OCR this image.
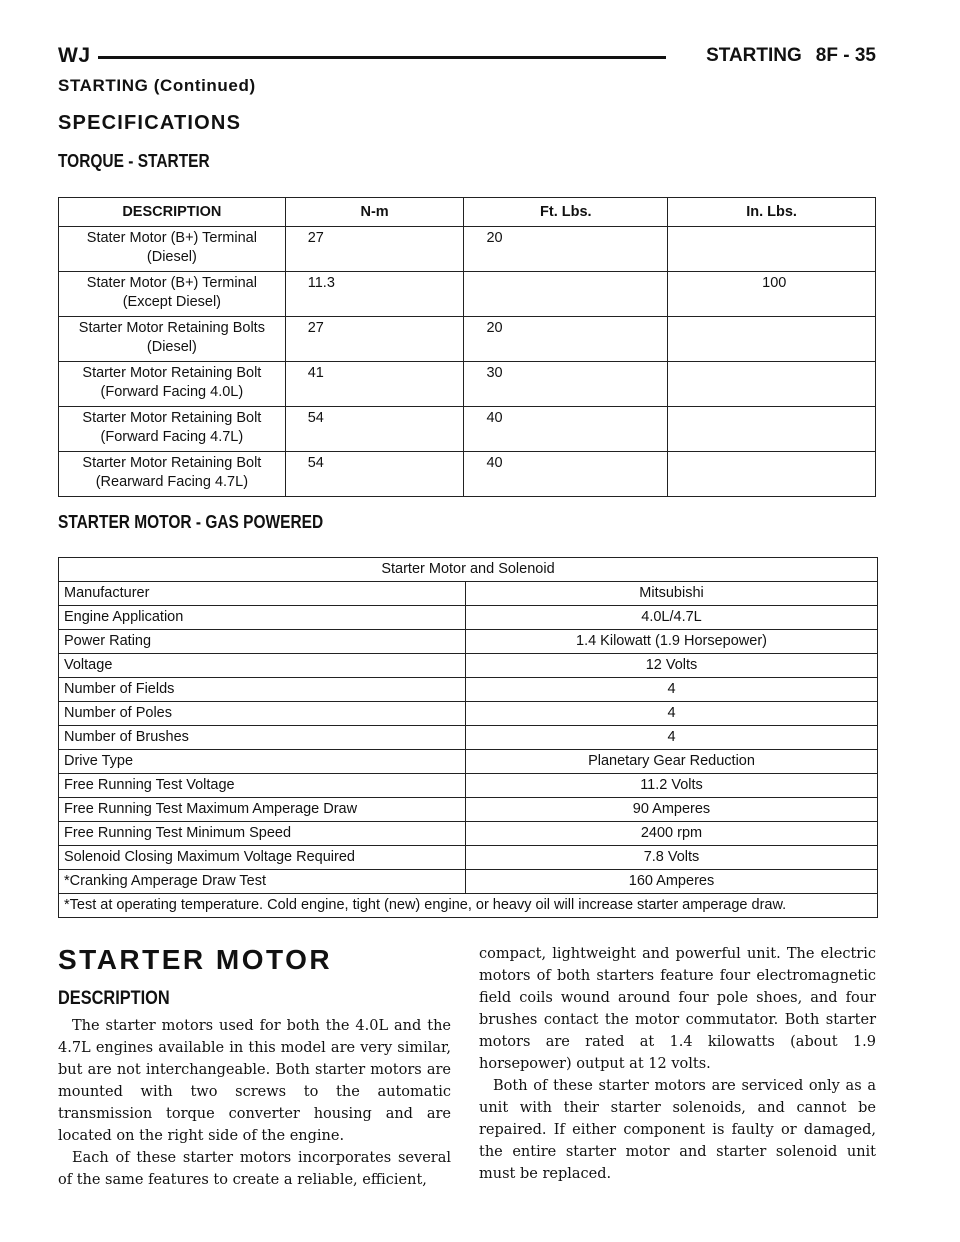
WJ	STARTING 8F - 35
STARTING (Continued)
SPECIFICATIONS
TORQUE - STARTER
DESCRIPTION	N-m	Ft. Lbs.	In. Lbs.
Stater Motor (B+) Terminal
(Diesel)	27	20	
Stater Motor (B+) Terminal
(Except Diesel)	11.3		100
Starter Motor Retaining Bolts
(Diesel)	27	20	
Starter Motor Retaining Bolt
(Forward Facing 4.0L)	41	30	
Starter Motor Retaining Bolt
(Forward Facing 4.7L)	54	40	
Starter Motor Retaining Bolt
(Rearward Facing 4.7L)	54	40	
STARTER MOTOR - GAS POWERED
Starter Motor and Solenoid	
Manufacturer	Mitsubishi
Engine Application	4.0L/4.7L
Power Rating	1.4 Kilowatt (1.9 Horsepower)
Voltage	12 Volts
Number of Fields	4
Number of Poles	4
Number of Brushes	4
Drive Type	Planetary Gear Reduction
Free Running Test Voltage	11.2 Volts
Free Running Test Maximum Amperage Draw	90 Amperes
Free Running Test Minimum Speed	2400 rpm
Solenoid Closing Maximum Voltage Required	7.8 Volts
*Cranking Amperage Draw Test	160 Amperes
*Test at operating temperature. Cold engine, tight (new) engine, or heavy oil will increase starter amperage draw.	
STARTER MOTOR
DESCRIPTION

The starter motors used for both the 4.0L and the 4.7L engines available in this model are very similar, but are not interchangeable. Both starter motors are mounted with two screws to the automatic transmission torque converter housing and are located on the right side of the engine.

Each of these starter motors incorporates several of the same features to create a reliable, efficient,

compact, lightweight and powerful unit. The electric motors of both starters feature four electromagnetic field coils wound around four pole shoes, and four brushes contact the motor commutator. Both starter motors are rated at 1.4 kilowatts (about 1.9 horsepower) output at 12 volts.

Both of these starter motors are serviced only as a unit with their starter solenoids, and cannot be repaired. If either component is faulty or damaged, the entire starter motor and starter solenoid unit must be replaced.
